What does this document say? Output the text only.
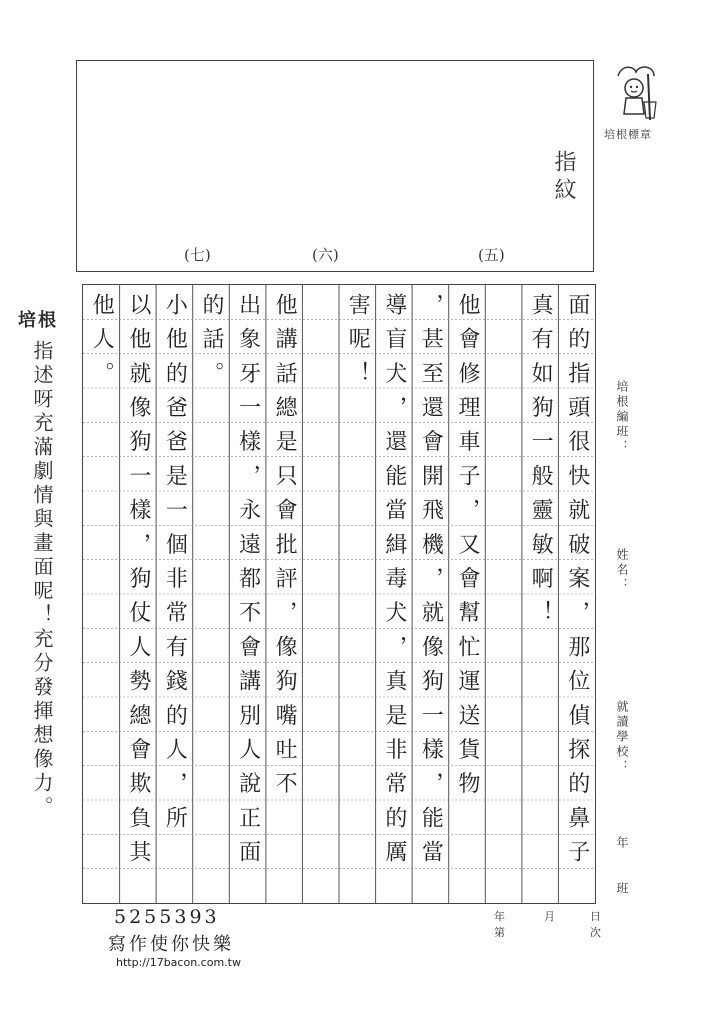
指紋
(七)	(六)	(五)
培根標章
培根編班：
姓名：
就讀學校：
年 班
面的指頭很快就破案，那位偵探的鼻子
真有如狗一般靈敏啊！
他會修理車子，又會幫忙運送貨物
，甚至還會開飛機，就像狗一樣，能當
導盲犬，還能當緝毒犬，真是非常的厲
害呢！
他講話總是只會批評，像狗嘴吐不
出象牙一樣，永遠都不會講別人說正面
的話。
小他的爸爸是一個非常有錢的人，所
以他就像狗一樣，狗仗人勢總會欺負其
他人。
培根
指述呀充滿劇情與畫面呢！充分發揮想像力。
5255393
寫作使你快樂
http://17bacon.com.tw
年	月	日
第	次
